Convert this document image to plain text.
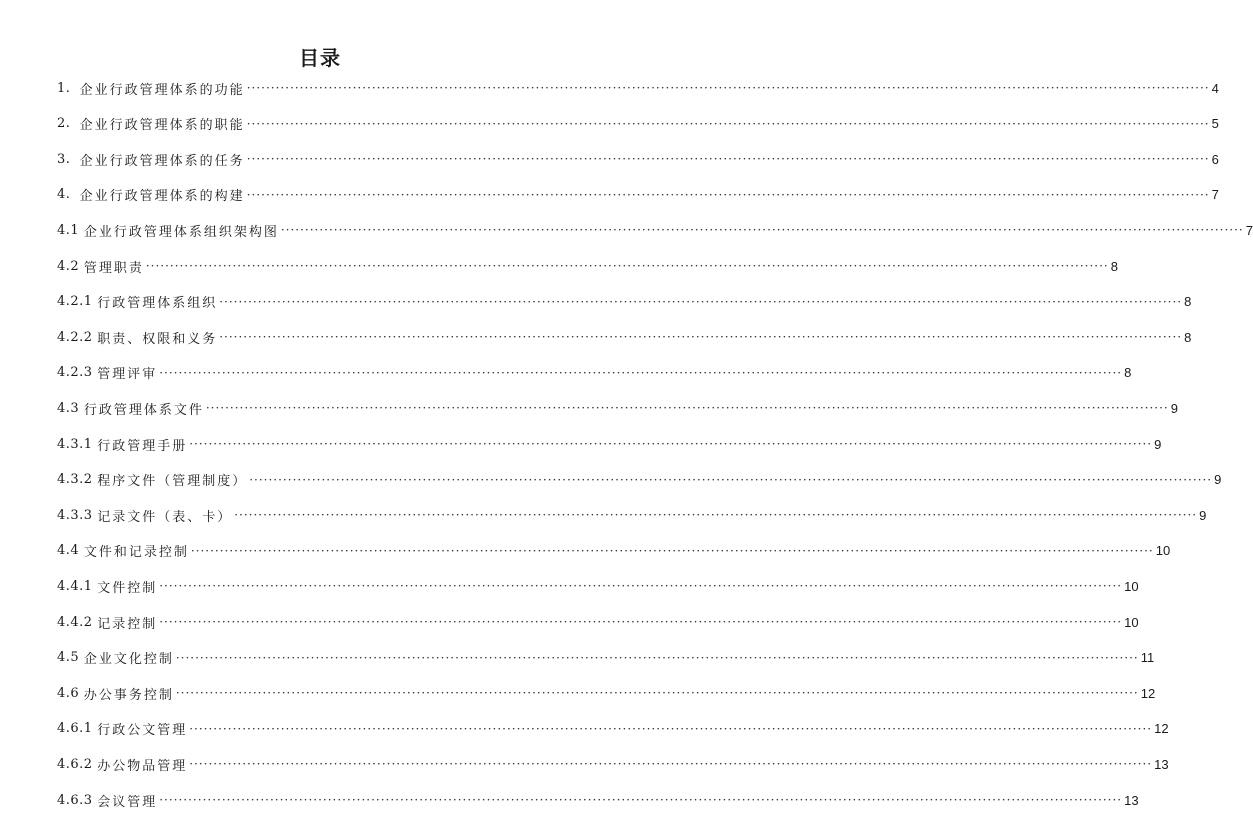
目录
1. 企业行政管理体系的功能 ········································································································································································································ 4
2. 企业行政管理体系的职能 ········································································································································································································ 5
3. 企业行政管理体系的任务 ········································································································································································································ 6
4. 企业行政管理体系的构建 ········································································································································································································ 7
4.1 企业行政管理体系组织架构图 ········································································································································································································ 7
4.2 管理职责 ········································································································································································································ 8
4.2.1 行政管理体系组织 ········································································································································································································ 8
4.2.2 职责、权限和义务 ········································································································································································································ 8
4.2.3 管理评审 ········································································································································································································ 8
4.3 行政管理体系文件 ········································································································································································································ 9
4.3.1 行政管理手册 ········································································································································································································ 9
4.3.2 程序文件（管理制度） ········································································································································································································ 9
4.3.3 记录文件（表、卡） ········································································································································································································ 9
4.4 文件和记录控制 ········································································································································································································ 10
4.4.1 文件控制 ········································································································································································································ 10
4.4.2 记录控制 ········································································································································································································ 10
4.5 企业文化控制 ········································································································································································································ 11
4.6 办公事务控制 ········································································································································································································ 12
4.6.1 行政公文管理 ········································································································································································································ 12
4.6.2 办公物品管理 ········································································································································································································ 13
4.6.3 会议管理 ········································································································································································································ 13
